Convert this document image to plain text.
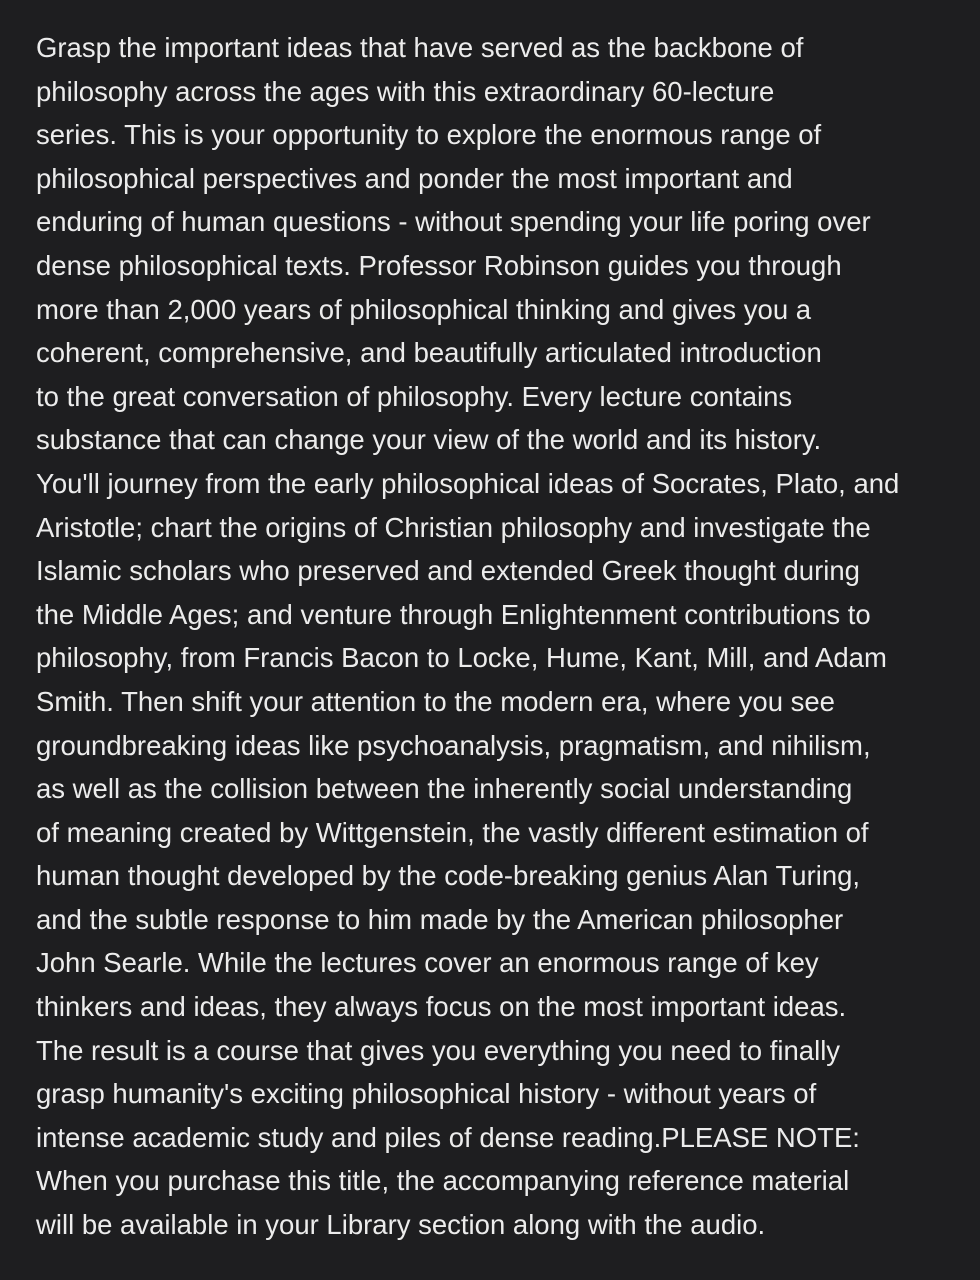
Grasp the important ideas that have served as the backbone of
philosophy across the ages with this extraordinary 60-lecture
series. This is your opportunity to explore the enormous range of
philosophical perspectives and ponder the most important and
enduring of human questions - without spending your life poring over
dense philosophical texts. Professor Robinson guides you through
more than 2,000 years of philosophical thinking and gives you a
coherent, comprehensive, and beautifully articulated introduction
to the great conversation of philosophy. Every lecture contains
substance that can change your view of the world and its history.
You'll journey from the early philosophical ideas of Socrates, Plato, and
Aristotle; chart the origins of Christian philosophy and investigate the
Islamic scholars who preserved and extended Greek thought during
the Middle Ages; and venture through Enlightenment contributions to
philosophy, from Francis Bacon to Locke, Hume, Kant, Mill, and Adam
Smith. Then shift your attention to the modern era, where you see
groundbreaking ideas like psychoanalysis, pragmatism, and nihilism,
as well as the collision between the inherently social understanding
of meaning created by Wittgenstein, the vastly different estimation of
human thought developed by the code-breaking genius Alan Turing,
and the subtle response to him made by the American philosopher
John Searle. While the lectures cover an enormous range of key
thinkers and ideas, they always focus on the most important ideas.
The result is a course that gives you everything you need to finally
grasp humanity's exciting philosophical history - without years of
intense academic study and piles of dense reading.PLEASE NOTE:
When you purchase this title, the accompanying reference material
will be available in your Library section along with the audio.
